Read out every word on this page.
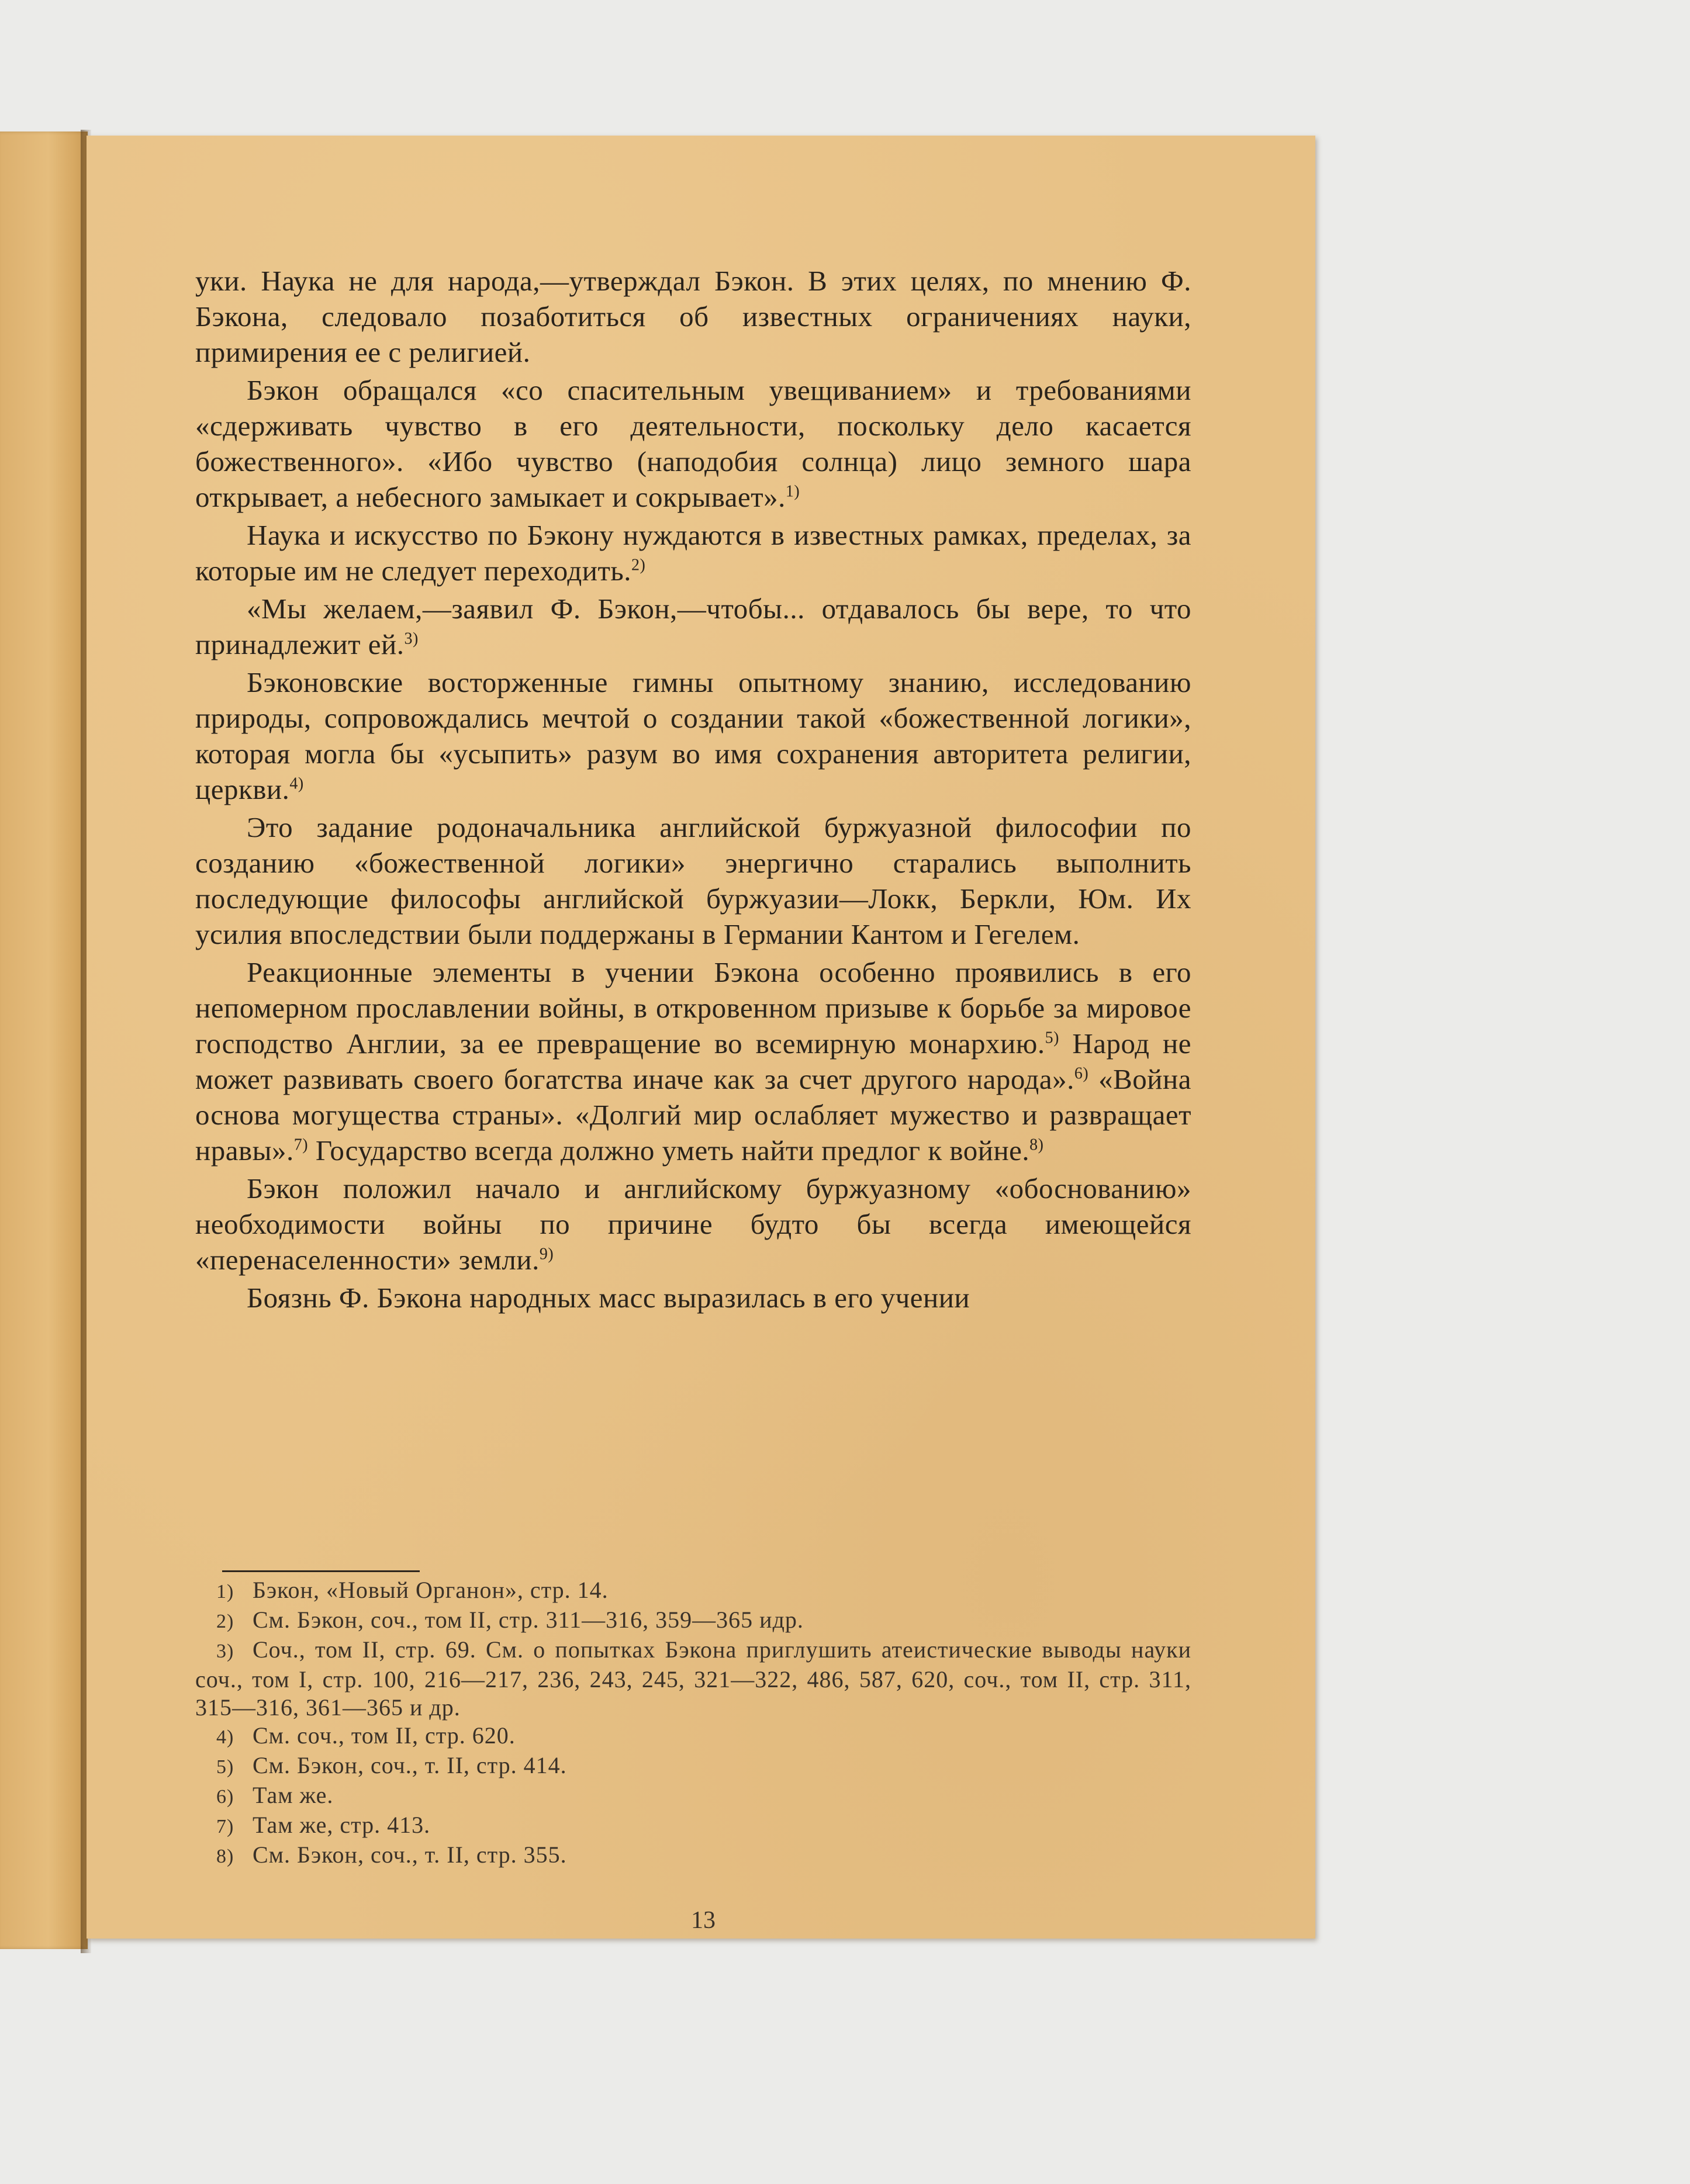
уки. Наука не для народа,—утверждал Бэкон. В этих целях, по мнению Ф. Бэкона, следовало позаботиться об известных ограничениях науки, примирения ее с религией.

Бэкон обращался «со спасительным увещиванием» и требованиями «сдерживать чувство в его деятельности, поскольку дело касается божественного». «Ибо чувство (наподобия солнца) лицо земного шара открывает, а небесного замыкает и сокрывает».$^{1)}$

Наука и искусство по Бэкону нуждаются в известных рамках, пределах, за которые им не следует переходить.$^{2)}$

«Мы желаем,—заявил Ф. Бэкон,—чтобы... отдавалось бы вере, то что принадлежит ей.$^{3)}$

Бэконовские восторженные гимны опытному знанию, исследованию природы, сопровождались мечтой о создании такой «божественной логики», которая могла бы «усыпить» разум во имя сохранения авторитета религии, церкви.$^{4)}$

Это задание родоначальника английской буржуазной философии по созданию «божественной логики» энергично старались выполнить последующие философы английской буржуазии—Локк, Беркли, Юм. Их усилия впоследствии были поддержаны в Германии Кантом и Гегелем.

Реакционные элементы в учении Бэкона особенно проявились в его непомерном прославлении войны, в откровенном призыве к борьбе за мировое господство Англии, за ее превращение во всемирную монархию.$^{5)}$ Народ не может развивать своего богатства иначе как за счет другого народа».$^{6)}$ «Война основа могущества страны». «Долгий мир ослабляет мужество и развращает нравы».$^{7)}$ Государство всегда должно уметь найти предлог к войне.$^{8)}$

Бэкон положил начало и английскому буржуазному «обоснованию» необходимости войны по причине будто бы всегда имеющейся «перенаселенности» земли.$^{9)}$

Боязнь Ф. Бэкона народных масс выразилась в его учении

1) Бэкон, «Новый Органон», стр. 14.
2) См. Бэкон, соч., том II, стр. 311—316, 359—365 идр.
3) Соч., том II, стр. 69. См. о попытках Бэкона приглушить атеистические выводы науки соч., том I, стр. 100, 216—217, 236, 243, 245, 321—322, 486, 587, 620, соч., том II, стр. 311, 315—316, 361—365 и др.
4) См. соч., том II, стр. 620.
5) См. Бэкон, соч., т. II, стр. 414.
6) Там же.
7) Там же, стр. 413.
8) См. Бэкон, соч., т. II, стр. 355.
13
